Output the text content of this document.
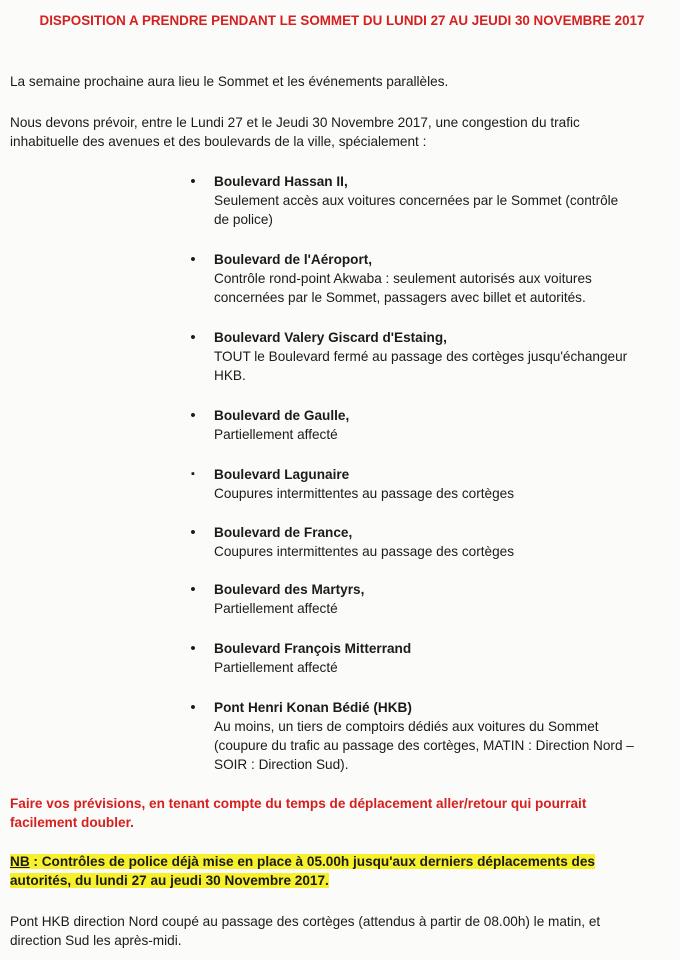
DISPOSITION A PRENDRE PENDANT LE SOMMET DU LUNDI 27 AU JEUDI 30 NOVEMBRE 2017
La semaine prochaine aura lieu le Sommet et les événements parallèles.
Nous devons prévoir, entre le Lundi 27 et le Jeudi 30 Novembre 2017, une congestion du trafic
inhabituelle des avenues et des boulevards de la ville, spécialement :
•	Boulevard Hassan II,
Seulement accès aux voitures concernées par le Sommet (contrôle
de police)
•	Boulevard de l'Aéroport,
Contrôle rond-point Akwaba : seulement autorisés aux voitures
concernées par le Sommet, passagers avec billet et autorités.
•	Boulevard Valery Giscard d'Estaing,
TOUT le Boulevard fermé au passage des cortèges jusqu'échangeur
HKB.
•	Boulevard de Gaulle,
Partiellement affecté
▪	Boulevard Lagunaire
Coupures intermittentes au passage des cortèges
•	Boulevard de France,
Coupures intermittentes au passage des cortèges
•	Boulevard des Martyrs,
Partiellement affecté
•	Boulevard François Mitterrand
Partiellement affecté
•	Pont Henri Konan Bédié (HKB)
Au moins, un tiers de comptoirs dédiés aux voitures du Sommet
(coupure du trafic au passage des cortèges, MATIN : Direction Nord –
SOIR : Direction Sud).
Faire vos prévisions, en tenant compte du temps de déplacement aller/retour qui pourrait
facilement doubler.
NB : Contrôles de police déjà mise en place à 05.00h jusqu'aux derniers déplacements des
autorités, du lundi 27 au jeudi 30 Novembre 2017.
Pont HKB direction Nord coupé au passage des cortèges (attendus à partir de 08.00h) le matin, et
direction Sud les après-midi.
